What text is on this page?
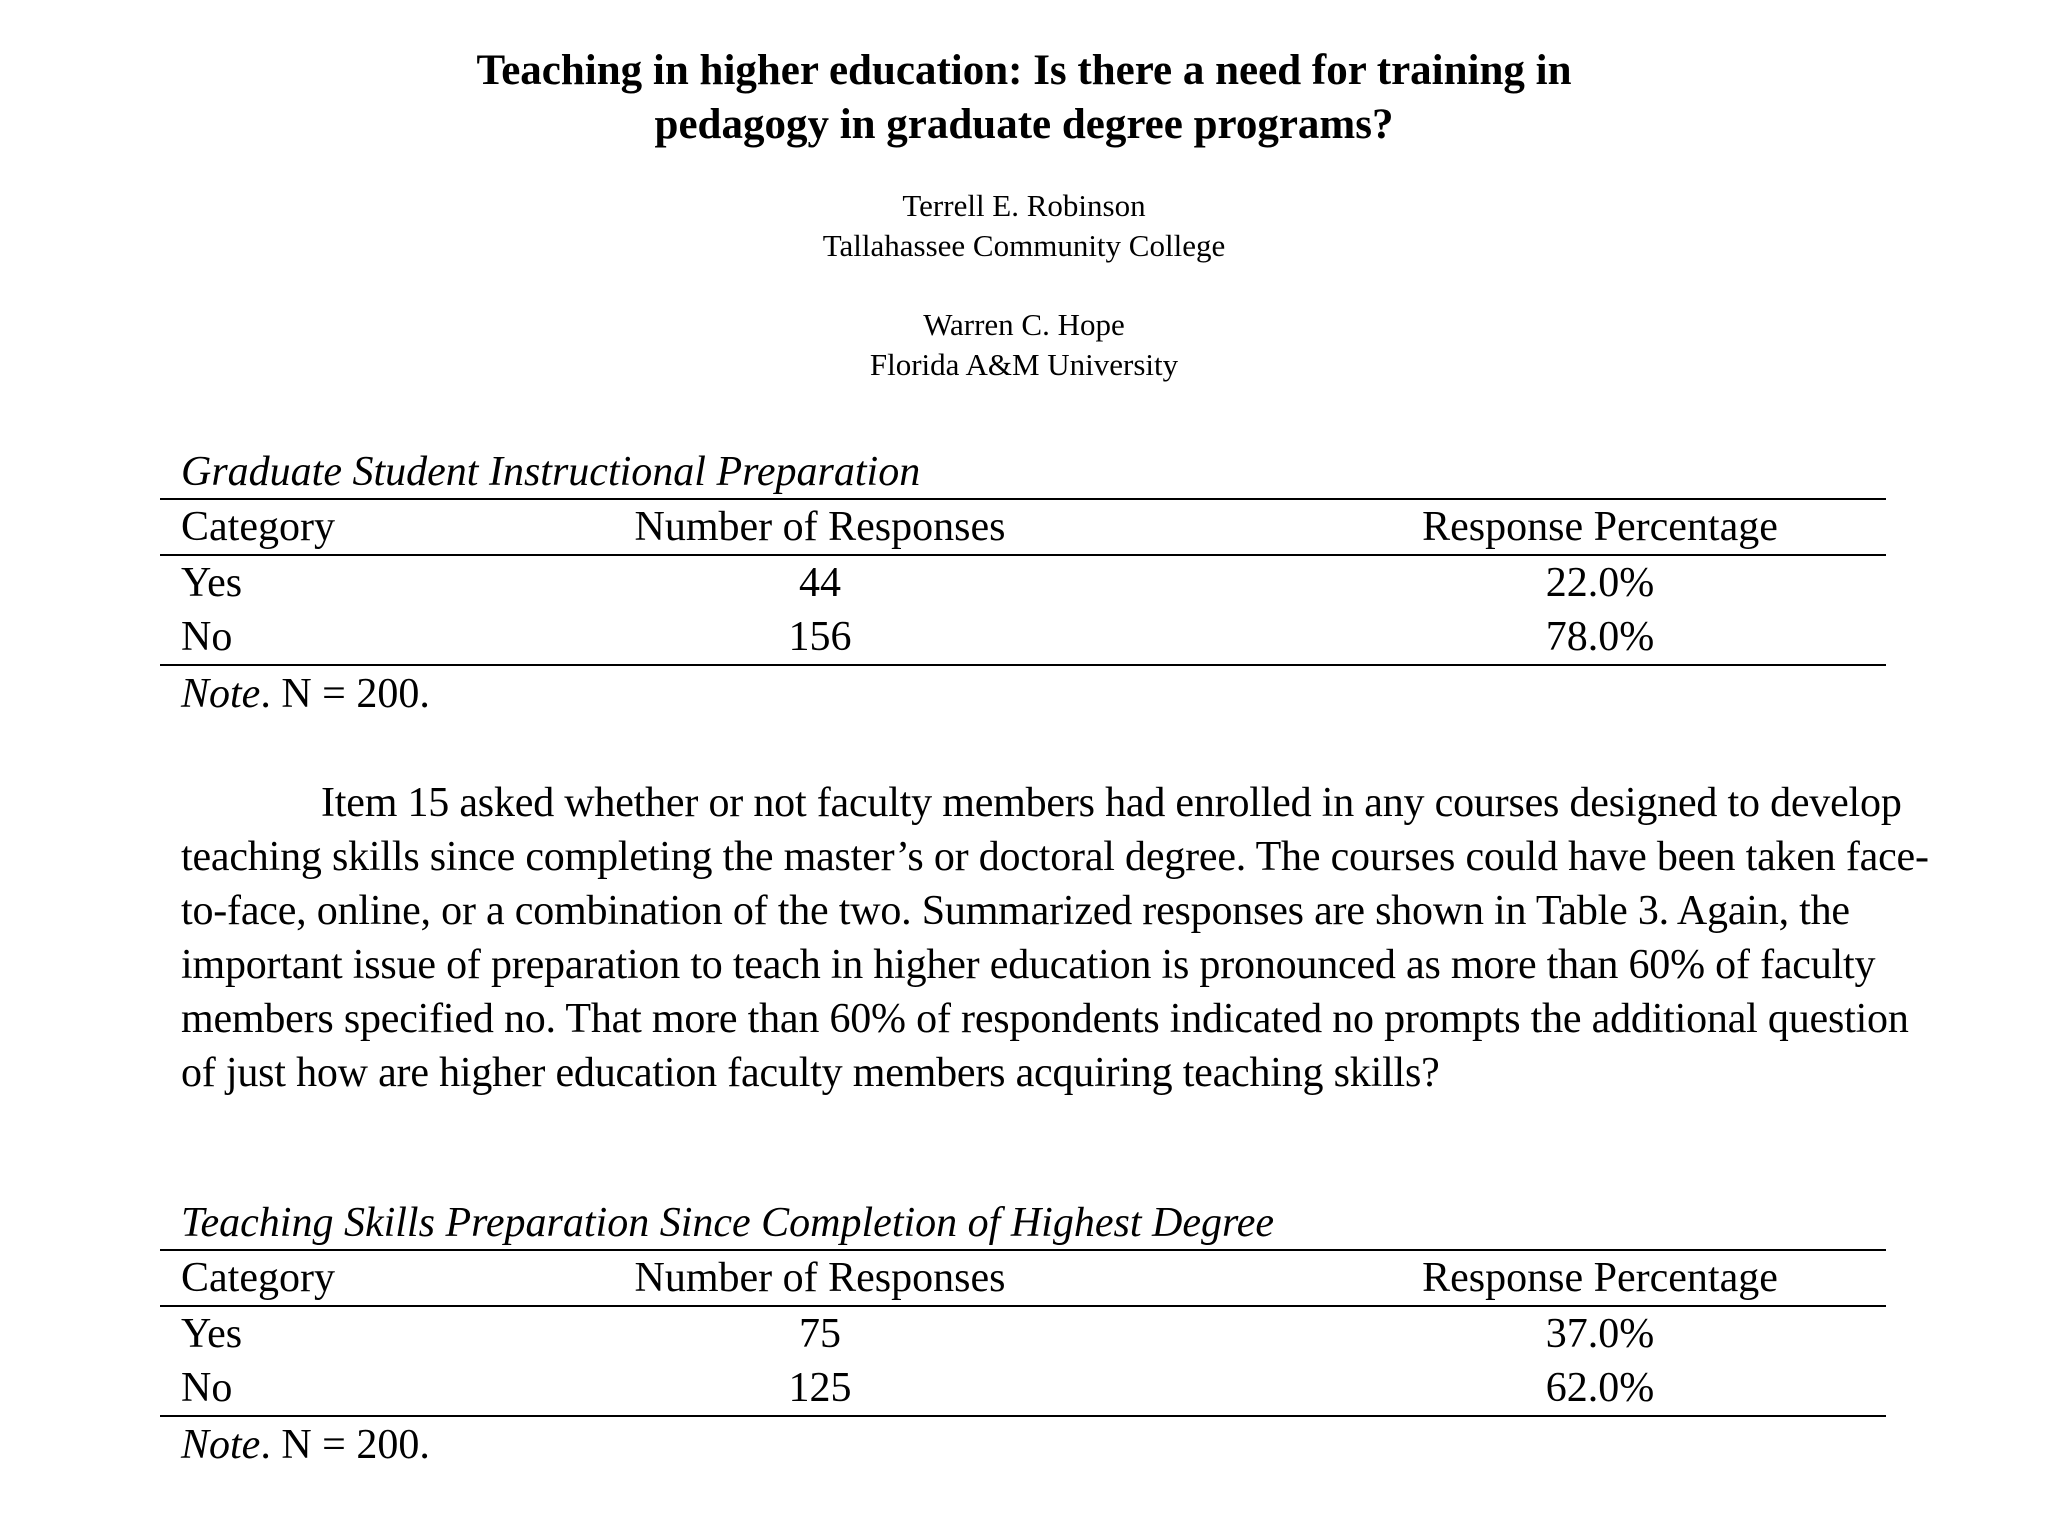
Teaching in higher education: Is there a need for training in
pedagogy in graduate degree programs?
Terrell E. Robinson
Tallahassee Community College
Warren C. Hope
Florida A&M University
Graduate Student Instructional Preparation
Category	Number of Responses	Response Percentage
Yes	44	22.0%
No	156	78.0%
Note. N = 200.
Item 15 asked whether or not faculty members had enrolled in any courses designed to develop teaching skills since completing the master’s or doctoral degree. The courses could have been taken face-to-face, online, or a combination of the two. Summarized responses are shown in Table 3. Again, the important issue of preparation to teach in higher education is pronounced as more than 60% of faculty members specified no. That more than 60% of respondents indicated no prompts the additional question of just how are higher education faculty members acquiring teaching skills?
Teaching Skills Preparation Since Completion of Highest Degree
Category	Number of Responses	Response Percentage
Yes	75	37.0%
No	125	62.0%
Note. N = 200.
